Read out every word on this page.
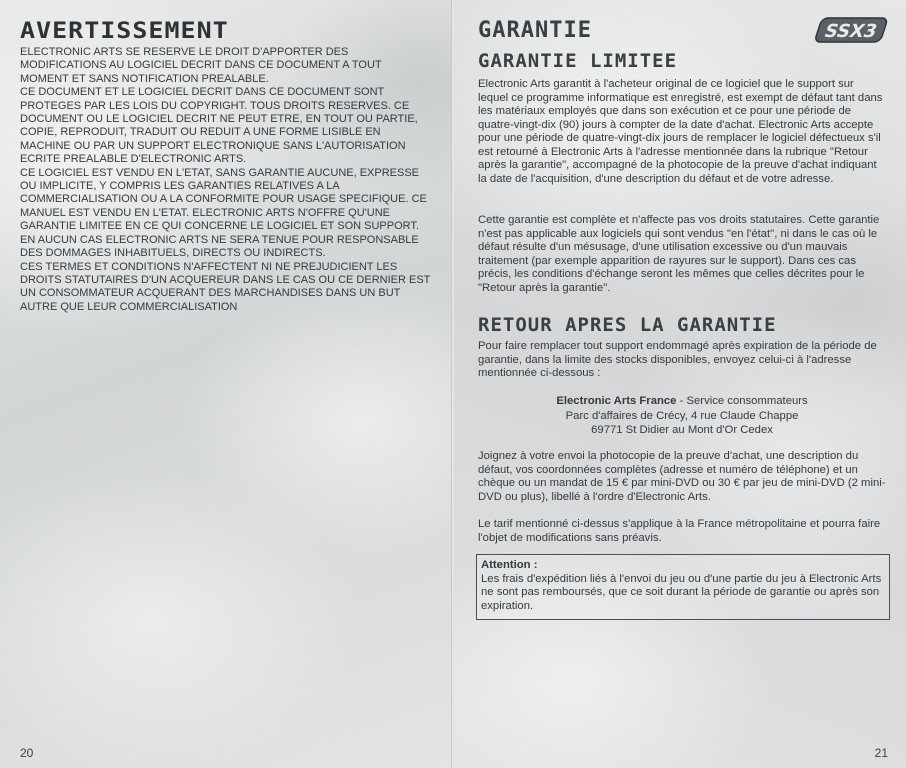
AVERTISSEMENT

ELECTRONIC ARTS SE RESERVE LE DROIT D'APPORTER DES MODIFICATIONS AU LOGICIEL DECRIT DANS CE DOCUMENT A TOUT MOMENT ET SANS NOTIFICATION PREALABLE.

CE DOCUMENT ET LE LOGICIEL DECRIT DANS CE DOCUMENT SONT PROTEGES PAR LES LOIS DU COPYRIGHT. TOUS DROITS RESERVES. CE DOCUMENT OU LE LOGICIEL DECRIT NE PEUT ETRE, EN TOUT OU PARTIE, COPIE, REPRODUIT, TRADUIT OU REDUIT A UNE FORME LISIBLE EN MACHINE OU PAR UN SUPPORT ELECTRONIQUE SANS L'AUTORISATION ECRITE PREALABLE D'ELECTRONIC ARTS.

CE LOGICIEL EST VENDU EN L'ETAT, SANS GARANTIE AUCUNE, EXPRESSE OU IMPLICITE, Y COMPRIS LES GARANTIES RELATIVES A LA COMMERCIALISATION OU A LA CONFORMITE POUR USAGE SPECIFIQUE. CE MANUEL EST VENDU EN L'ETAT. ELECTRONIC ARTS N'OFFRE QU'UNE GARANTIE LIMITEE EN CE QUI CONCERNE LE LOGICIEL ET SON SUPPORT. EN AUCUN CAS ELECTRONIC ARTS NE SERA TENUE POUR RESPONSABLE DES DOMMAGES INHABITUELS, DIRECTS OU INDIRECTS.

CES TERMES ET CONDITIONS N'AFFECTENT NI NE PREJUDICIENT LES DROITS STATUTAIRES D'UN ACQUEREUR DANS LE CAS OU CE DERNIER EST UN CONSOMMATEUR ACQUERANT DES MARCHANDISES DANS UN BUT AUTRE QUE LEUR COMMERCIALISATION

20
GARANTIE	SSX3
GARANTIE LIMITEE

Electronic Arts garantit à l'acheteur original de ce logiciel que le support sur lequel ce programme informatique est enregistré, est exempt de défaut tant dans les matériaux employés que dans son exécution et ce pour une période de quatre-vingt-dix (90) jours à compter de la date d'achat. Electronic Arts accepte pour une période de quatre-vingt-dix jours de remplacer le logiciel défectueux s'il est retourné à Electronic Arts à l'adresse mentionnée dans la rubrique "Retour après la garantie", accompagné de la photocopie de la preuve d'achat indiquant la date de l'acquisition, d'une description du défaut et de votre adresse.

Cette garantie est complète et n'affecte pas vos droits statutaires. Cette garantie n'est pas applicable aux logiciels qui sont vendus "en l'état", ni dans le cas où le défaut résulte d'un mésusage, d'une utilisation excessive ou d'un mauvais traitement (par exemple apparition de rayures sur le support). Dans ces cas précis, les conditions d'échange seront les mêmes que celles décrites pour le "Retour après la garantie".

RETOUR APRES LA GARANTIE

Pour faire remplacer tout support endommagé après expiration de la période de garantie, dans la limite des stocks disponibles, envoyez celui-ci à l'adresse mentionnée ci-dessous :

Electronic Arts France - Service consommateurs
Parc d'affaires de Crécy, 4 rue Claude Chappe
69771 St Didier au Mont d'Or Cedex

Joignez à votre envoi la photocopie de la preuve d'achat, une description du défaut, vos coordonnées complètes (adresse et numéro de téléphone) et un chèque ou un mandat de 15 € par mini-DVD ou 30 € par jeu de mini-DVD (2 mini-DVD ou plus), libellé à l'ordre d'Electronic Arts.

Le tarif mentionné ci-dessus s'applique à la France métropolitaine et pourra faire l'objet de modifications sans préavis.

Attention :
Les frais d'expédition liés à l'envoi du jeu ou d'une partie du jeu à Electronic Arts ne sont pas remboursés, que ce soit durant la période de garantie ou après son expiration.
21
